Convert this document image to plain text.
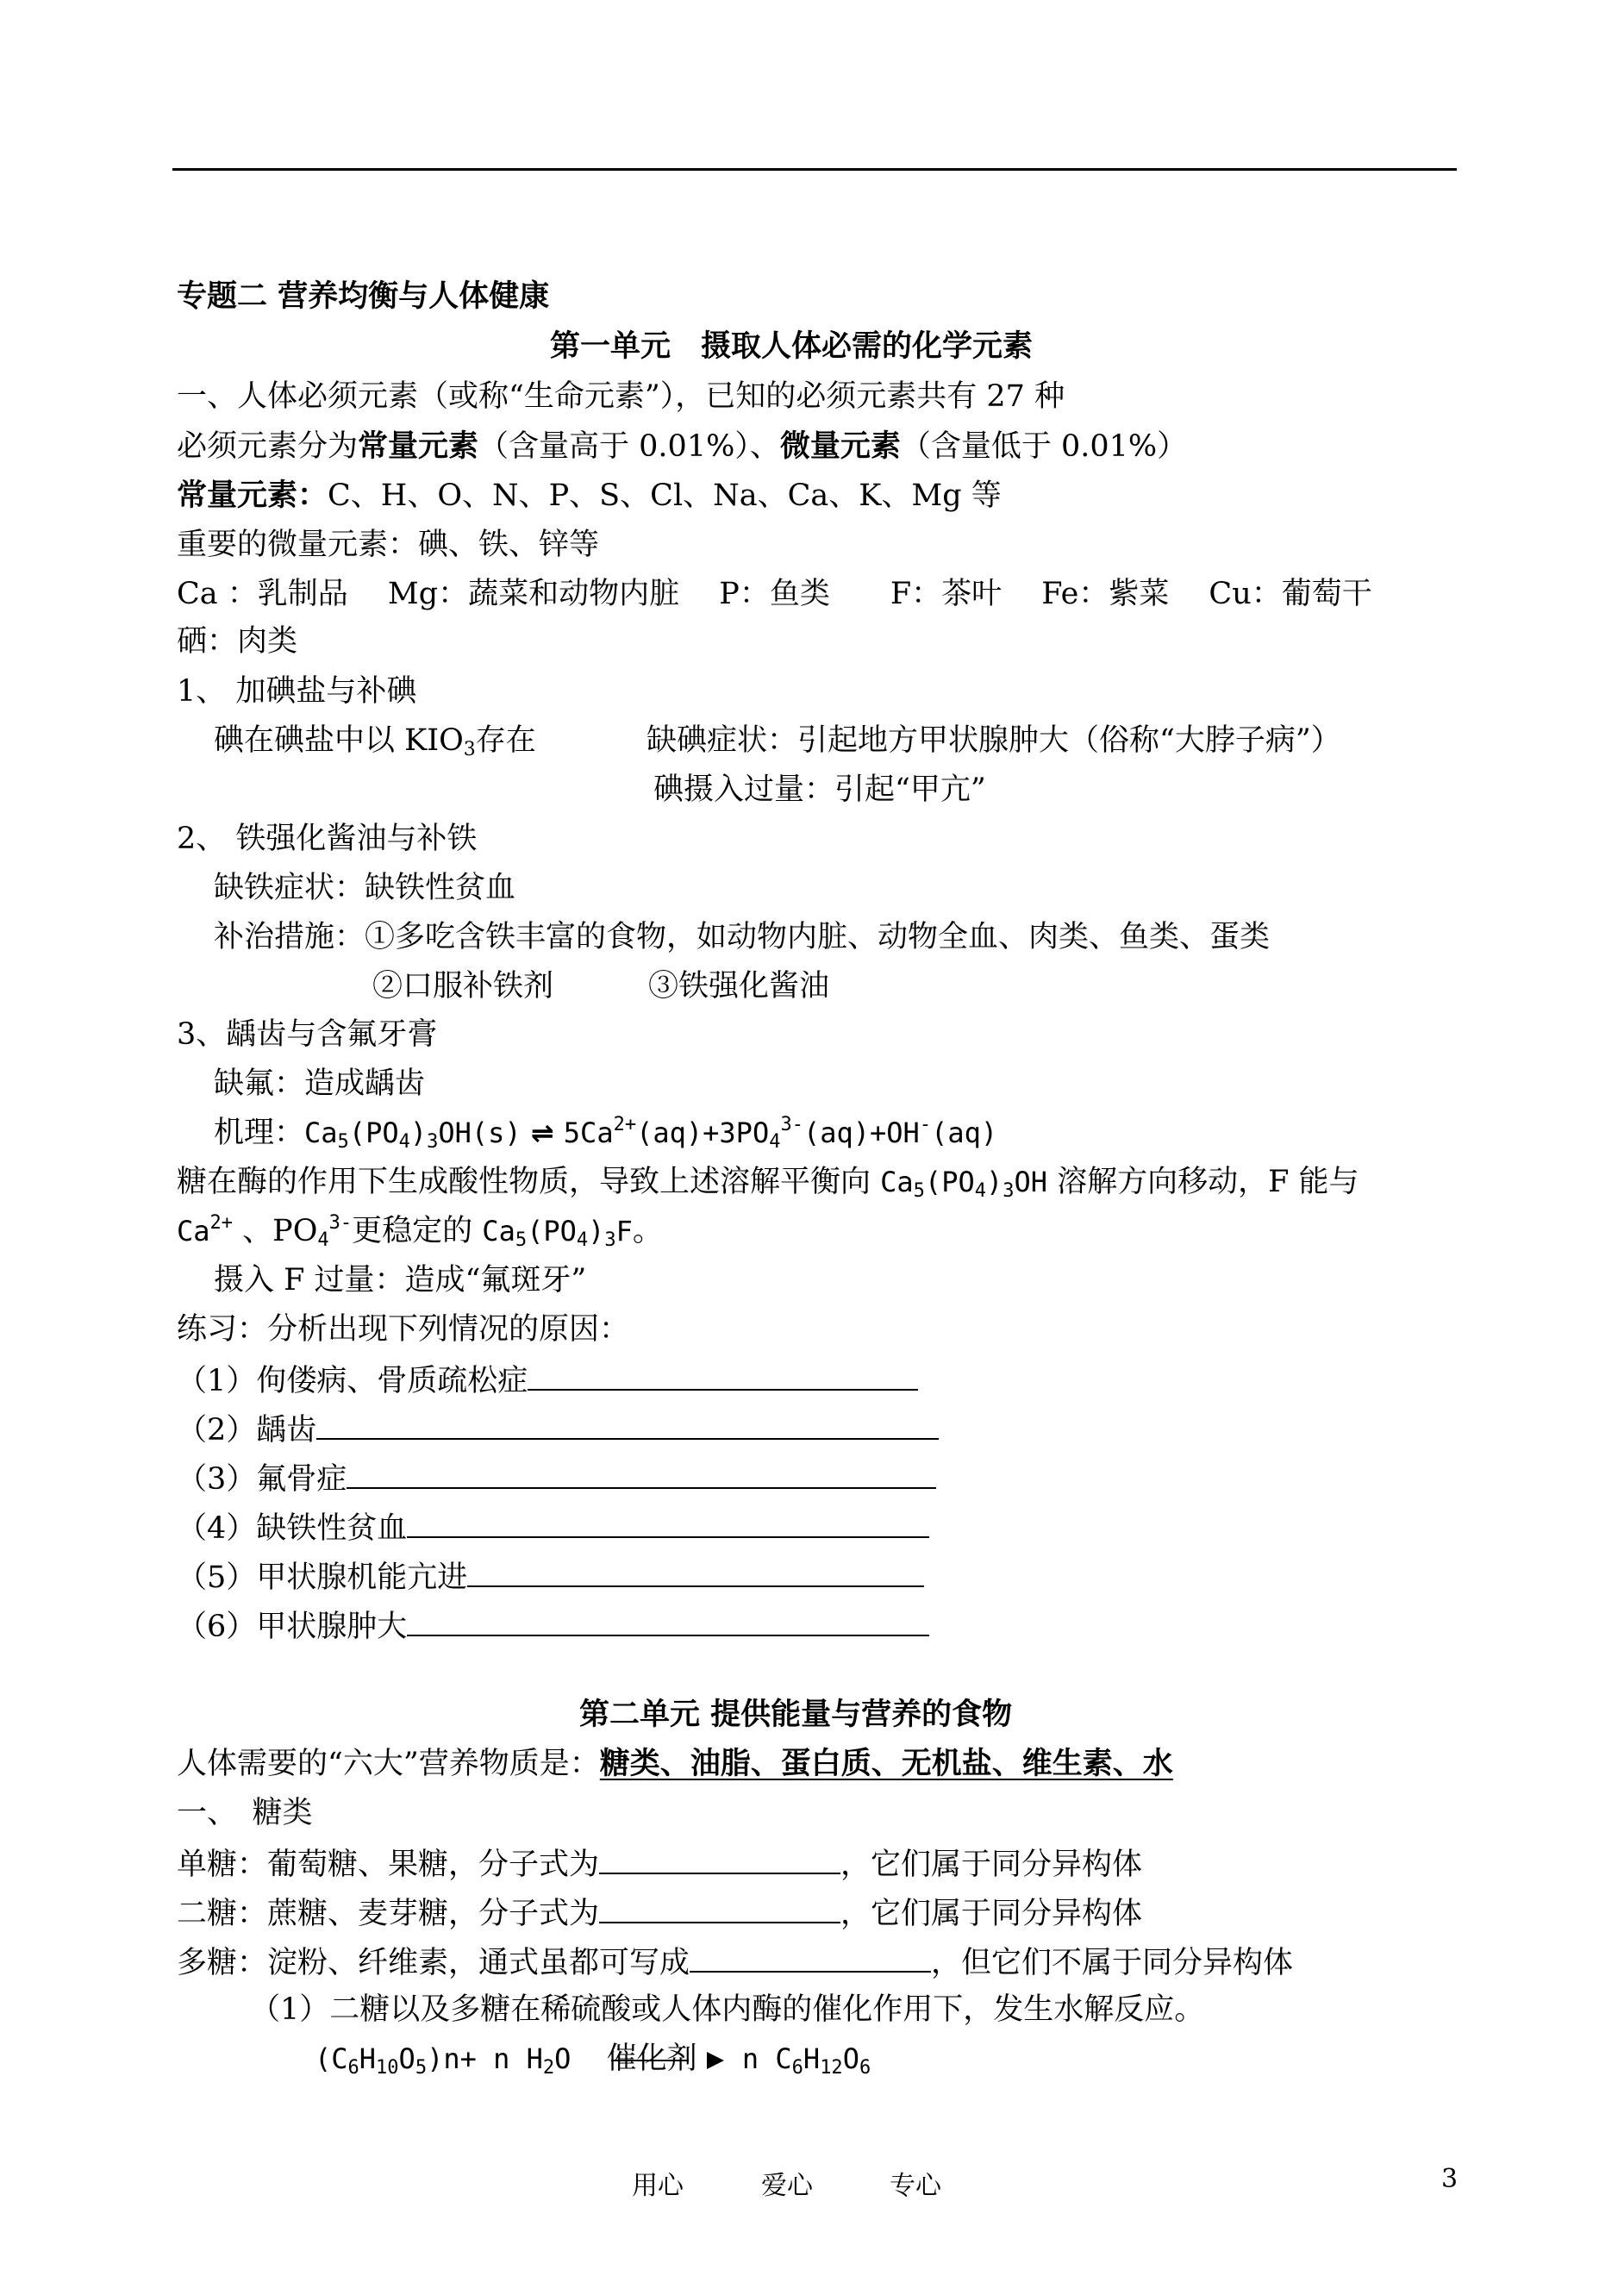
专题二 营养均衡与人体健康
第一单元　摄取人体必需的化学元素
一、人体必须元素（或称“生命元素”），已知的必须元素共有 27 种
必须元素分为常量元素（含量高于 0.01%）、微量元素（含量低于 0.01%）
常量元素：C、H、O、N、P、S、Cl、Na、Ca、K、Mg 等
重要的微量元素：碘、铁、锌等
Ca ：乳制品　 Mg：蔬菜和动物内脏　 P：鱼类　　F：茶叶　 Fe：紫菜　 Cu：葡萄干
硒：肉类
1、 加碘盐与补碘
碘在碘盐中以 $KIO_3$存在	缺碘症状：引起地方甲状腺肿大（俗称“大脖子病”）
碘摄入过量：引起“甲亢”
2、 铁强化酱油与补铁
缺铁症状：缺铁性贫血
补治措施：①多吃含铁丰富的食物，如动物内脏、动物全血、肉类、鱼类、蛋类
②口服补铁剂	③铁强化酱油
3、龋齿与含氟牙膏
缺氟：造成龋齿
机理：$Ca_5(PO_4)_3OH(s)$ ⇌ $5Ca^{2+}(aq)+3PO_4^{3-}(aq)+OH^-(aq)$
糖在酶的作用下生成酸性物质，导致上述溶解平衡向 $Ca_5(PO_4)_3OH$ 溶解方向移动，F 能与
$Ca^{2+}$ 、$PO_4^{3-}$更稳定的 $Ca_5(PO_4)_3F$。
摄入 F 过量：造成“氟斑牙”
练习：分析出现下列情况的原因：
（1）佝偻病、骨质疏松症
（2）龋齿
（3）氟骨症
（4）缺铁性贫血
（5）甲状腺机能亢进
（6）甲状腺肿大
第二单元 提供能量与营养的食物
人体需要的“六大”营养物质是：糖类、油脂、蛋白质、无机盐、维生素、水
一、　糖类
单糖：葡萄糖、果糖，分子式为	，它们属于同分异构体
二糖：蔗糖、麦芽糖，分子式为	，它们属于同分异构体
多糖：淀粉、纤维素，通式虽都可写成	，但它们不属于同分异构体
（1）二糖以及多糖在稀硫酸或人体内酶的催化作用下，发生水解反应。
$(C_6H_{10}O_5)n+ n$ $H_2O$ 催化剂
n $C_6H_{12}O_6$
用心	爱心	专心	3
